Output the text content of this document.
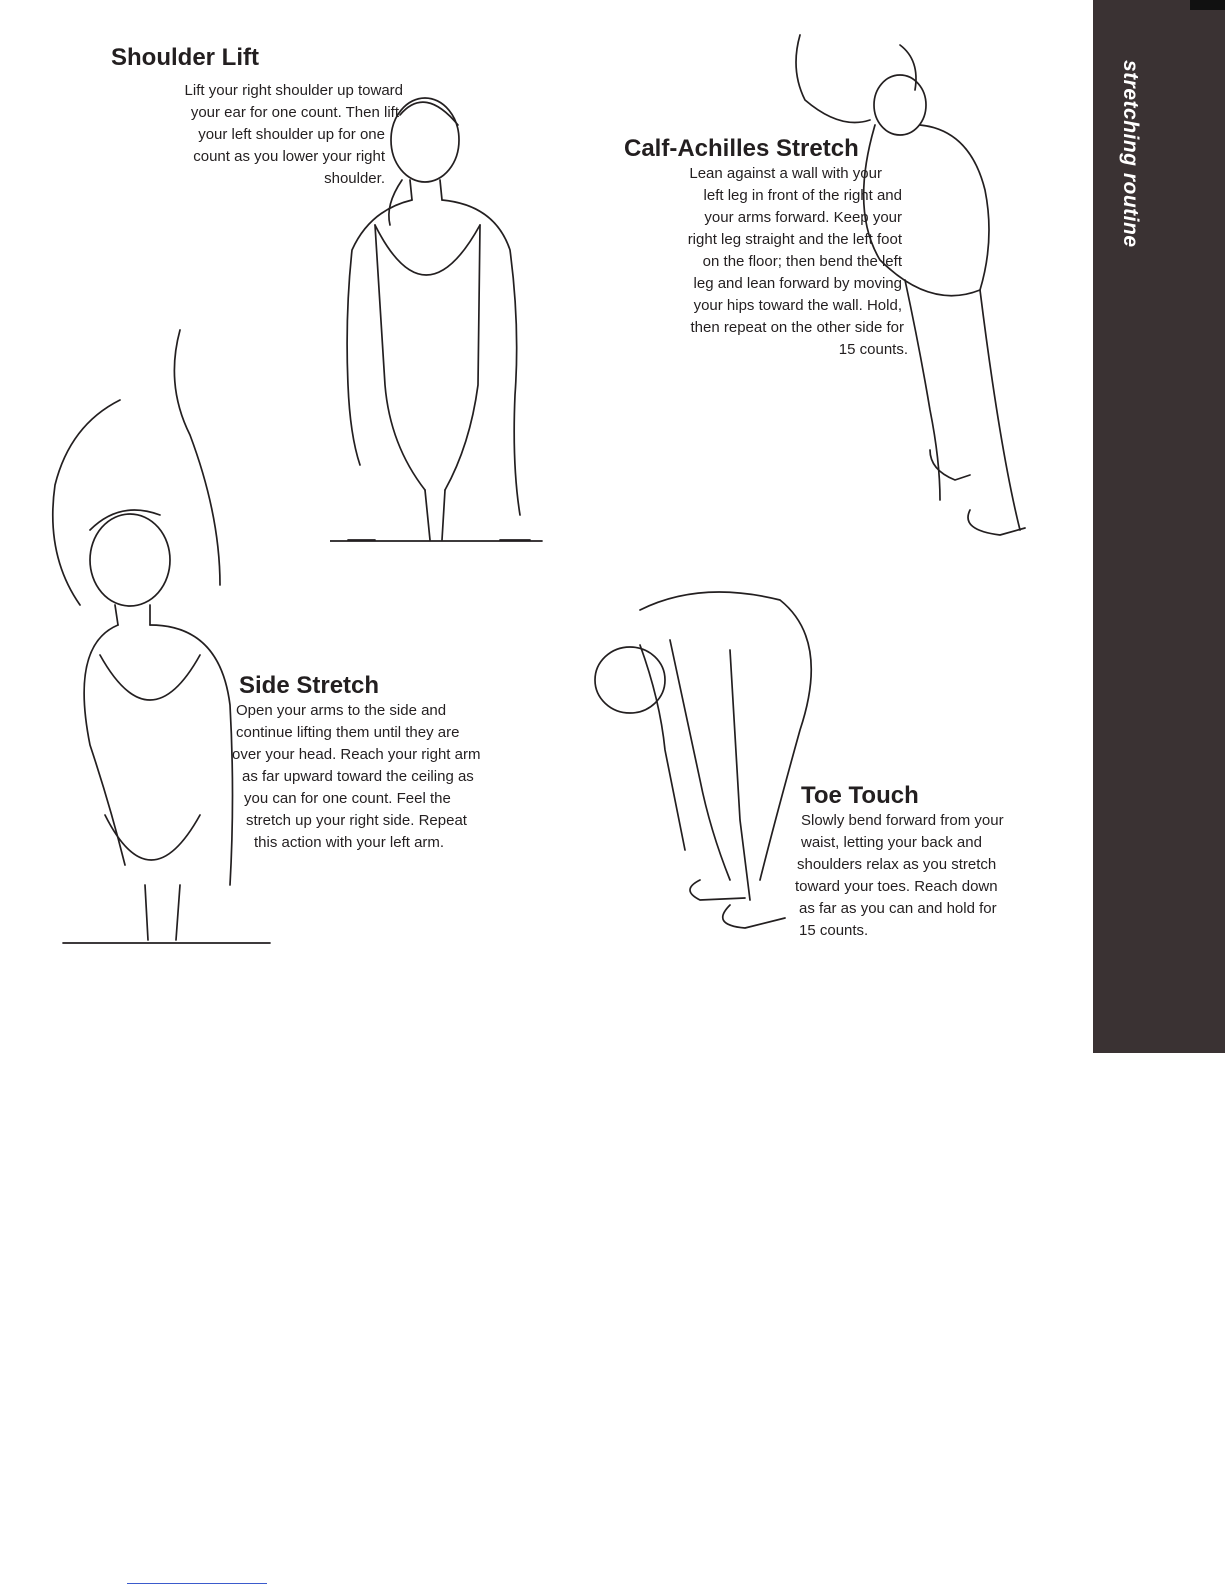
stretching routine
Shoulder Lift
Lift your right shoulder up toward
your ear for one count. Then lift
your left shoulder up for one
count as you lower your right
shoulder.
Calf-Achilles Stretch
Lean against a wall with your
left leg in front of the right and
your arms forward. Keep your
right leg straight and the left foot
on the floor; then bend the left
leg and lean forward by moving
your hips toward the wall. Hold,
then repeat on the other side for
15 counts.
Side Stretch
Open your arms to the side and
continue lifting them until they are
over your head. Reach your right arm
as far upward toward the ceiling as
you can for one count. Feel the
stretch up your right side. Repeat
this action with your left arm.
Toe Touch
Slowly bend forward from your
waist, letting your back and
shoulders relax as you stretch
toward your toes. Reach down
as far as you can and hold for
15 counts.
